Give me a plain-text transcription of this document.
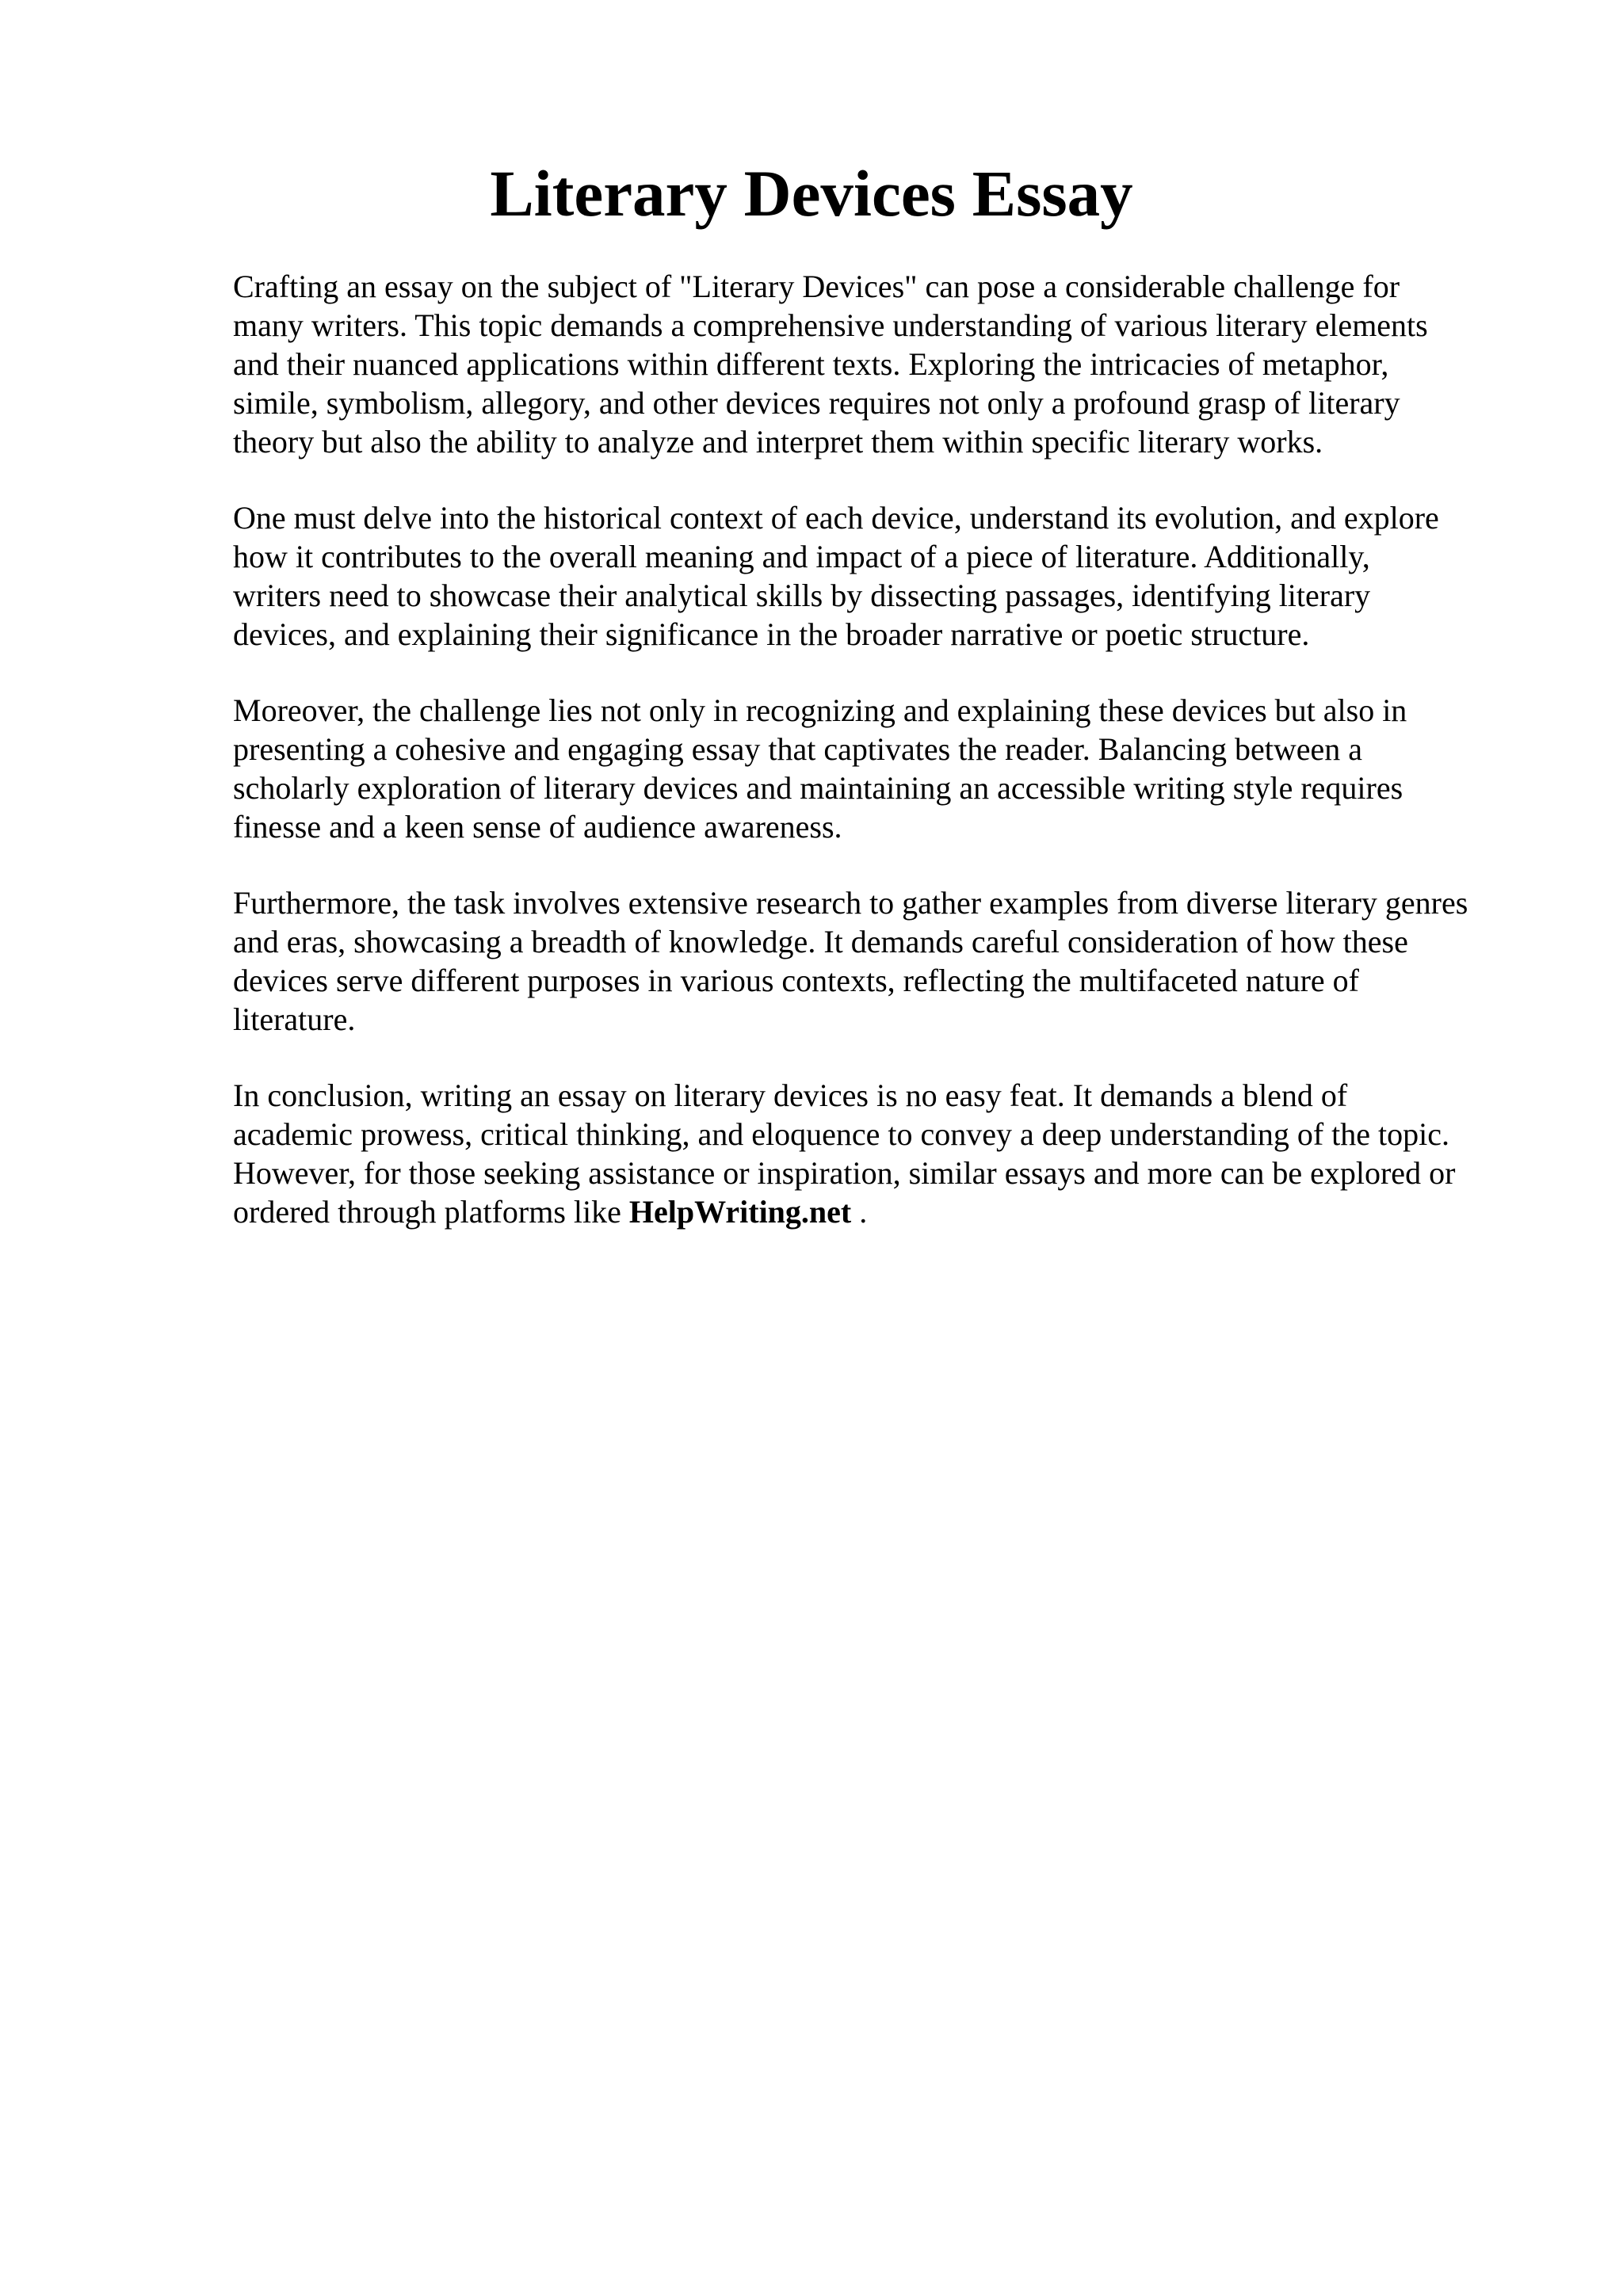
Literary Devices Essay

Crafting an essay on the subject of "Literary Devices" can pose a considerable challenge for
many writers. This topic demands a comprehensive understanding of various literary elements
and their nuanced applications within different texts. Exploring the intricacies of metaphor,
simile, symbolism, allegory, and other devices requires not only a profound grasp of literary
theory but also the ability to analyze and interpret them within specific literary works.

One must delve into the historical context of each device, understand its evolution, and explore
how it contributes to the overall meaning and impact of a piece of literature. Additionally,
writers need to showcase their analytical skills by dissecting passages, identifying literary
devices, and explaining their significance in the broader narrative or poetic structure.

Moreover, the challenge lies not only in recognizing and explaining these devices but also in
presenting a cohesive and engaging essay that captivates the reader. Balancing between a
scholarly exploration of literary devices and maintaining an accessible writing style requires
finesse and a keen sense of audience awareness.

Furthermore, the task involves extensive research to gather examples from diverse literary genres
and eras, showcasing a breadth of knowledge. It demands careful consideration of how these
devices serve different purposes in various contexts, reflecting the multifaceted nature of
literature.

In conclusion, writing an essay on literary devices is no easy feat. It demands a blend of
academic prowess, critical thinking, and eloquence to convey a deep understanding of the topic.
However, for those seeking assistance or inspiration, similar essays and more can be explored or
ordered through platforms like HelpWriting.net .
